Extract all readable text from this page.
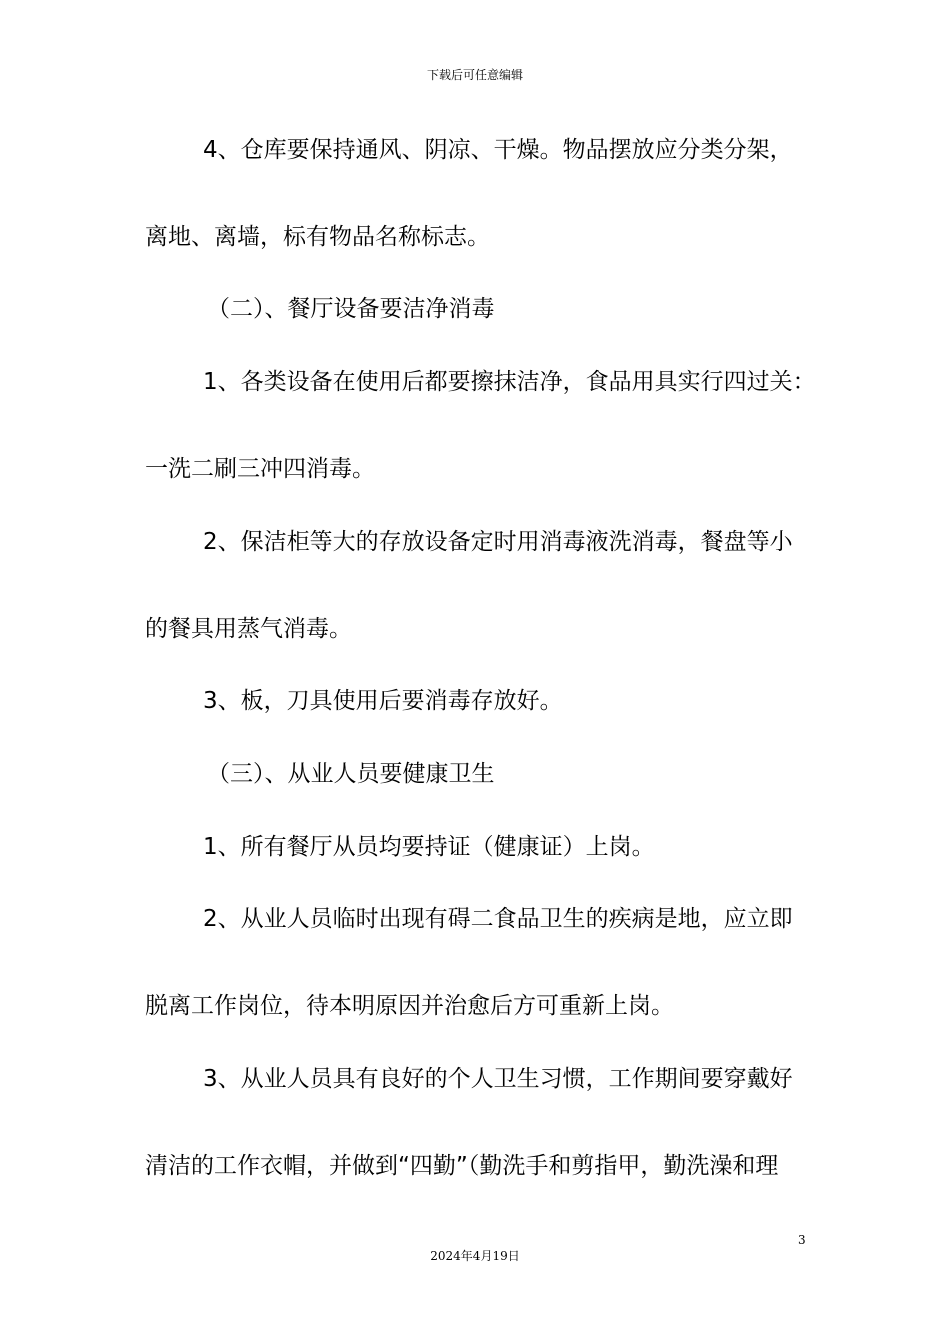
下载后可任意编辑
4、仓库要保持通风、阴凉、干燥。物品摆放应分类分架，
离地、离墙，标有物品名称标志。
（二）、餐厅设备要洁净消毒
1、各类设备在使用后都要擦抹洁净，食品用具实行四过关：
一洗二刷三冲四消毒。
2、保洁柜等大的存放设备定时用消毒液洗消毒，餐盘等小
的餐具用蒸气消毒。
3、板，刀具使用后要消毒存放好。
（三）、从业人员要健康卫生
1、所有餐厅从员均要持证（健康证）上岗。
2、从业人员临时出现有碍二食品卫生的疾病是地，应立即
脱离工作岗位，待本明原因并治愈后方可重新上岗。
3、从业人员具有良好的个人卫生习惯，工作期间要穿戴好
清洁的工作衣帽，并做到“四勤”（勤洗手和剪指甲，勤洗澡和理
3
2024年4月19日
